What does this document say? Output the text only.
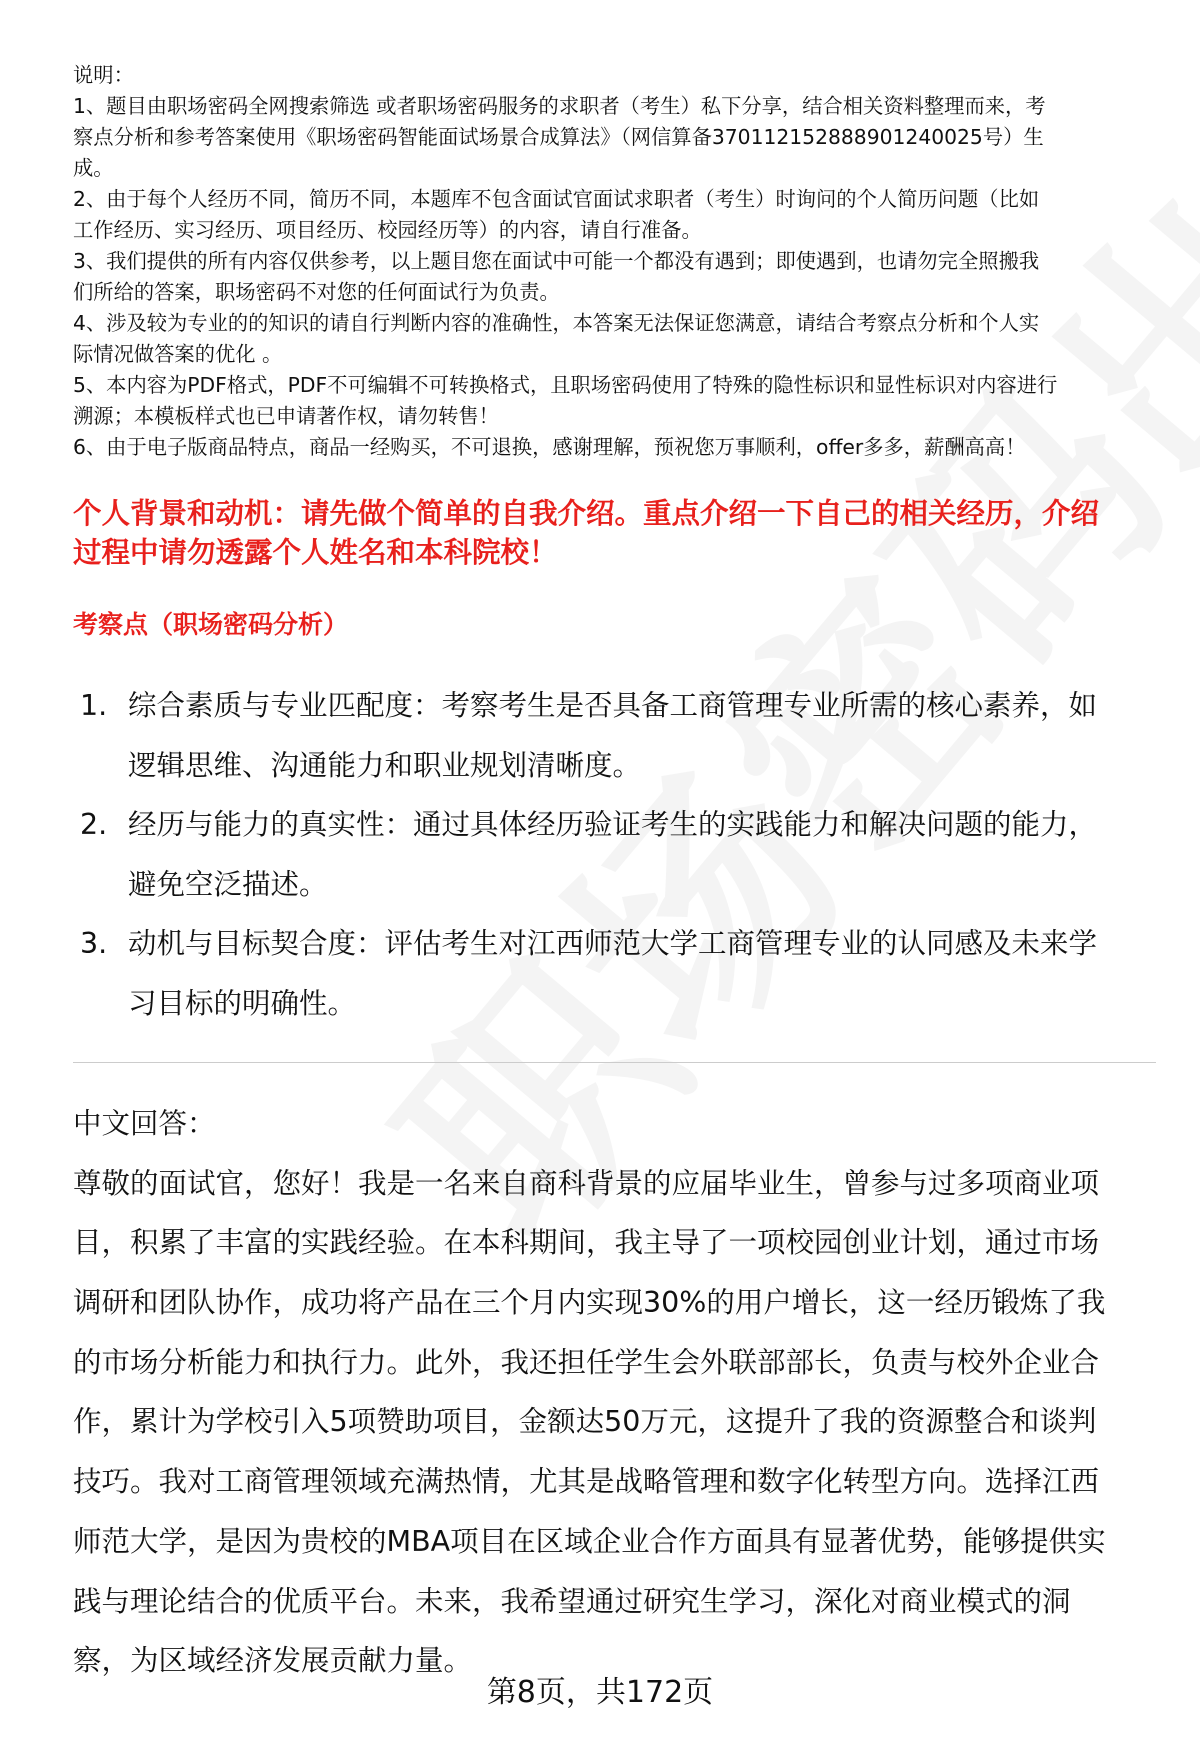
说明：
1、题目由职场密码全网搜索筛选 或者职场密码服务的求职者（考生）私下分享，结合相关资料整理而来，考
察点分析和参考答案使用《职场密码智能面试场景合成算法》（网信算备370112152888901240025号）生
成。
2、由于每个人经历不同，简历不同，本题库不包含面试官面试求职者（考生）时询问的个人简历问题（比如
工作经历、实习经历、项目经历、校园经历等）的内容，请自行准备。
3、我们提供的所有内容仅供参考，以上题目您在面试中可能一个都没有遇到；即使遇到，也请勿完全照搬我
们所给的答案，职场密码不对您的任何面试行为负责。
4、涉及较为专业的的知识的请自行判断内容的准确性，本答案无法保证您满意，请结合考察点分析和个人实
际情况做答案的优化 。
5、本内容为PDF格式，PDF不可编辑不可转换格式，且职场密码使用了特殊的隐性标识和显性标识对内容进行
溯源；本模板样式也已申请著作权，请勿转售！
6、由于电子版商品特点，商品一经购买，不可退换，感谢理解，预祝您万事顺利，offer多多，薪酬高高！
个人背景和动机：请先做个简单的自我介绍。重点介绍一下自己的相关经历，介绍
过程中请勿透露个人姓名和本科院校！
考察点（职场密码分析）
1. 综合素质与专业匹配度：考察考生是否具备工商管理专业所需的核心素养，如
逻辑思维、沟通能力和职业规划清晰度。
2. 经历与能力的真实性：通过具体经历验证考生的实践能力和解决问题的能力，
避免空泛描述。
3. 动机与目标契合度：评估考生对江西师范大学工商管理专业的认同感及未来学
习目标的明确性。
中文回答：
尊敬的面试官，您好！我是一名来自商科背景的应届毕业生，曾参与过多项商业项
目，积累了丰富的实践经验。在本科期间，我主导了一项校园创业计划，通过市场
调研和团队协作，成功将产品在三个月内实现30%的用户增长，这一经历锻炼了我
的市场分析能力和执行力。此外，我还担任学生会外联部部长，负责与校外企业合
作，累计为学校引入5项赞助项目，金额达50万元，这提升了我的资源整合和谈判
技巧。我对工商管理领域充满热情，尤其是战略管理和数字化转型方向。选择江西
师范大学，是因为贵校的MBA项目在区域企业合作方面具有显著优势，能够提供实
践与理论结合的优质平台。未来，我希望通过研究生学习，深化对商业模式的洞
察，为区域经济发展贡献力量。
第8页，共172页
